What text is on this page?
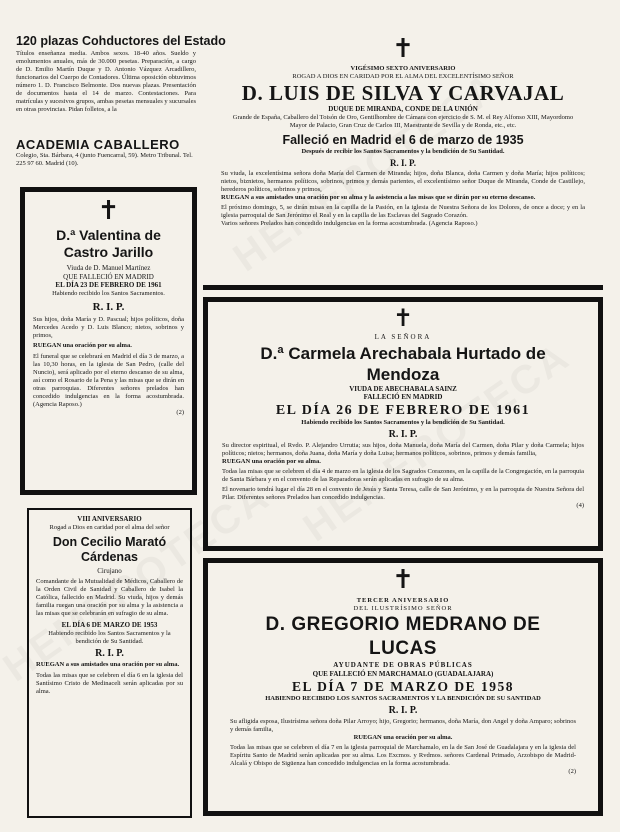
120 plazas Cohductores del Estado

Títulos enseñanza media. Ambos sexos. 18-40 años. Sueldo y emolumentos anuales, más de 30.000 pesetas. Preparación, a cargo de D. Emilio Martín Duque y D. Antonio Vázquez Arcadillero, funcionarios del Cuerpo de Contadores. Última oposición obtuvimos número 1. D. Francisco Belmonte. Dos nuevas plazas. Presentación de documentos hasta el 14 de marzo. Contestaciones. Para matrículas y sucesivos grupos, ambas pesetas mensuales y sucursales en otras provincias. Pidan folletos, a la

ACADEMIA CABALLERO

Colegio, Sta. Bárbara, 4 (junto Fuencarral, 59). Metro Tribunal. Tel. 225 97 60. Madrid (10).

✝
D.ª Valentina de Castro Jarillo

Viuda de D. Manuel Martínez

QUE FALLECIÓ EN MADRID

EL DÍA 23 DE FEBRERO DE 1961

Habiendo recibido los Santos Sacramentos.

R. I. P.

Sus hijos, doña María y D. Pascual; hijos políticos, doña Mercedes Acedo y D. Luis Blanco; nietos, sobrinos y primos,

RUEGAN una oración por su alma.

El funeral que se celebrará en Madrid el día 3 de marzo, a las 10,30 horas, en la iglesia de San Pedro, (calle del Nuncio), será aplicado por el eterno descanso de su alma, así como el Rosario de la Pena y las misas que se dirán en otras parroquias. Diferentes señores prelados han concedido indulgencias en la forma acostumbrada. (Agencia Raposo.)

(2)

VIII ANIVERSARIO

Rogad a Dios en caridad por el alma del señor

Don Cecilio Marató Cárdenas

Cirujano

Comandante de la Mutualidad de Médicos, Caballero de la Orden Civil de Sanidad y Caballero de Isabel la Católica, fallecido en Madrid. Su viuda, hijos y demás familia ruegan una oración por su alma y la asistencia a las misas que se celebrarán en sufragio de su alma.

EL DÍA 6 DE MARZO DE 1953

Habiendo recibido los Santos Sacramentos y la bendición de Su Santidad.

R. I. P.

RUEGAN a sus amistades una oración por su alma.

Todas las misas que se celebren el día 6 en la iglesia del Santísimo Cristo de Medinaceli serán aplicadas por su alma.

✝

VIGÉSIMO SEXTO ANIVERSARIO

ROGAD A DIOS EN CARIDAD POR EL ALMA DEL EXCELENTÍSIMO SEÑOR

D. LUIS DE SILVA Y CARVAJAL

DUQUE DE MIRANDA, CONDE DE LA UNIÓN

Grande de España, Caballero del Toisón de Oro, Gentilhombre de Cámara con ejercicio de S. M. el Rey Alfonso XIII, Mayordomo Mayor de Palacio, Gran Cruz de Carlos III, Maestrante de Sevilla y de Ronda, etc., etc.

Falleció en Madrid el 6 de marzo de 1935

Después de recibir los Santos Sacramentos y la bendición de Su Santidad.

R. I. P.

Su viuda, la excelentísima señora doña María del Carmen de Miranda; hijos, doña Blanca, doña Carmen y doña María; hijos políticos; nietos, biznietos, hermanos políticos, sobrinos, primos y demás parientes, el excelentísimo señor Duque de Miranda, Conde de Castillejo, herederos políticos, sobrinos y primos,

RUEGAN a sus amistades una oración por su alma y la asistencia a las misas que se dirán por su eterno descanso.

El próximo domingo, 5, se dirán misas en la capilla de la Pasión, en la iglesia de Nuestra Señora de los Dolores, de once a doce; y en la iglesia parroquial de San Jerónimo el Real y en la capilla de las Esclavas del Sagrado Corazón.

Varios señores Prelados han concedido indulgencias en la forma acostumbrada. (Agencia Raposo.)

✝

LA SEÑORA

D.ª Carmela Arechabala Hurtado de Mendoza

VIUDA DE ABECHABALA SAINZ

FALLECIÓ EN MADRID

EL DÍA 26 DE FEBRERO DE 1961

Habiendo recibido los Santos Sacramentos y la bendición de Su Santidad.

R. I. P.

Su director espiritual, el Rvdo. P. Alejandro Urrutia; sus hijos, doña Manuela, doña María del Carmen, doña Pilar y doña Carmela; hijos políticos; nietos; hermanos, doña Juana, doña María y doña Luisa; hermanos políticos, sobrinos, primos y demás familia,

RUEGAN una oración por su alma.

Todas las misas que se celebren el día 4 de marzo en la iglesia de los Sagrados Corazones, en la capilla de la Congregación, en la parroquia de Santa Bárbara y en el convento de las Reparadoras serán aplicadas en sufragio de su alma.

El novenario tendrá lugar el día 28 en el convento de Jesús y Santa Teresa, calle de San Jerónimo, y en la parroquia de Nuestra Señora del Pilar. Diferentes señores Prelados han concedido indulgencias.

(4)

✝

TERCER ANIVERSARIO

DEL ILUSTRÍSIMO SEÑOR

D. GREGORIO MEDRANO DE LUCAS

AYUDANTE DE OBRAS PÚBLICAS

QUE FALLECIÓ EN MARCHAMALO (GUADALAJARA)

EL DÍA 7 DE MARZO DE 1958

HABIENDO RECIBIDO LOS SANTOS SACRAMENTOS Y LA BENDICIÓN DE SU SANTIDAD

R. I. P.

Su afligida esposa, Ilustrísima señora doña Pilar Arroyo; hijo, Gregorio; hermanos, doña María, don Angel y doña Amparo; sobrinos y demás familia,

RUEGAN una oración por su alma.

Todas las misas que se celebren el día 7 en la iglesia parroquial de Marchamalo, en la de San José de Guadalajara y en la iglesia del Espíritu Santo de Madrid serán aplicadas por su alma. Los Excmos. y Rvdmos. señores Cardenal Primado, Arzobispo de Madrid-Alcalá y Obispo de Sigüenza han concedido indulgencias en la forma acostumbrada.

(2)
